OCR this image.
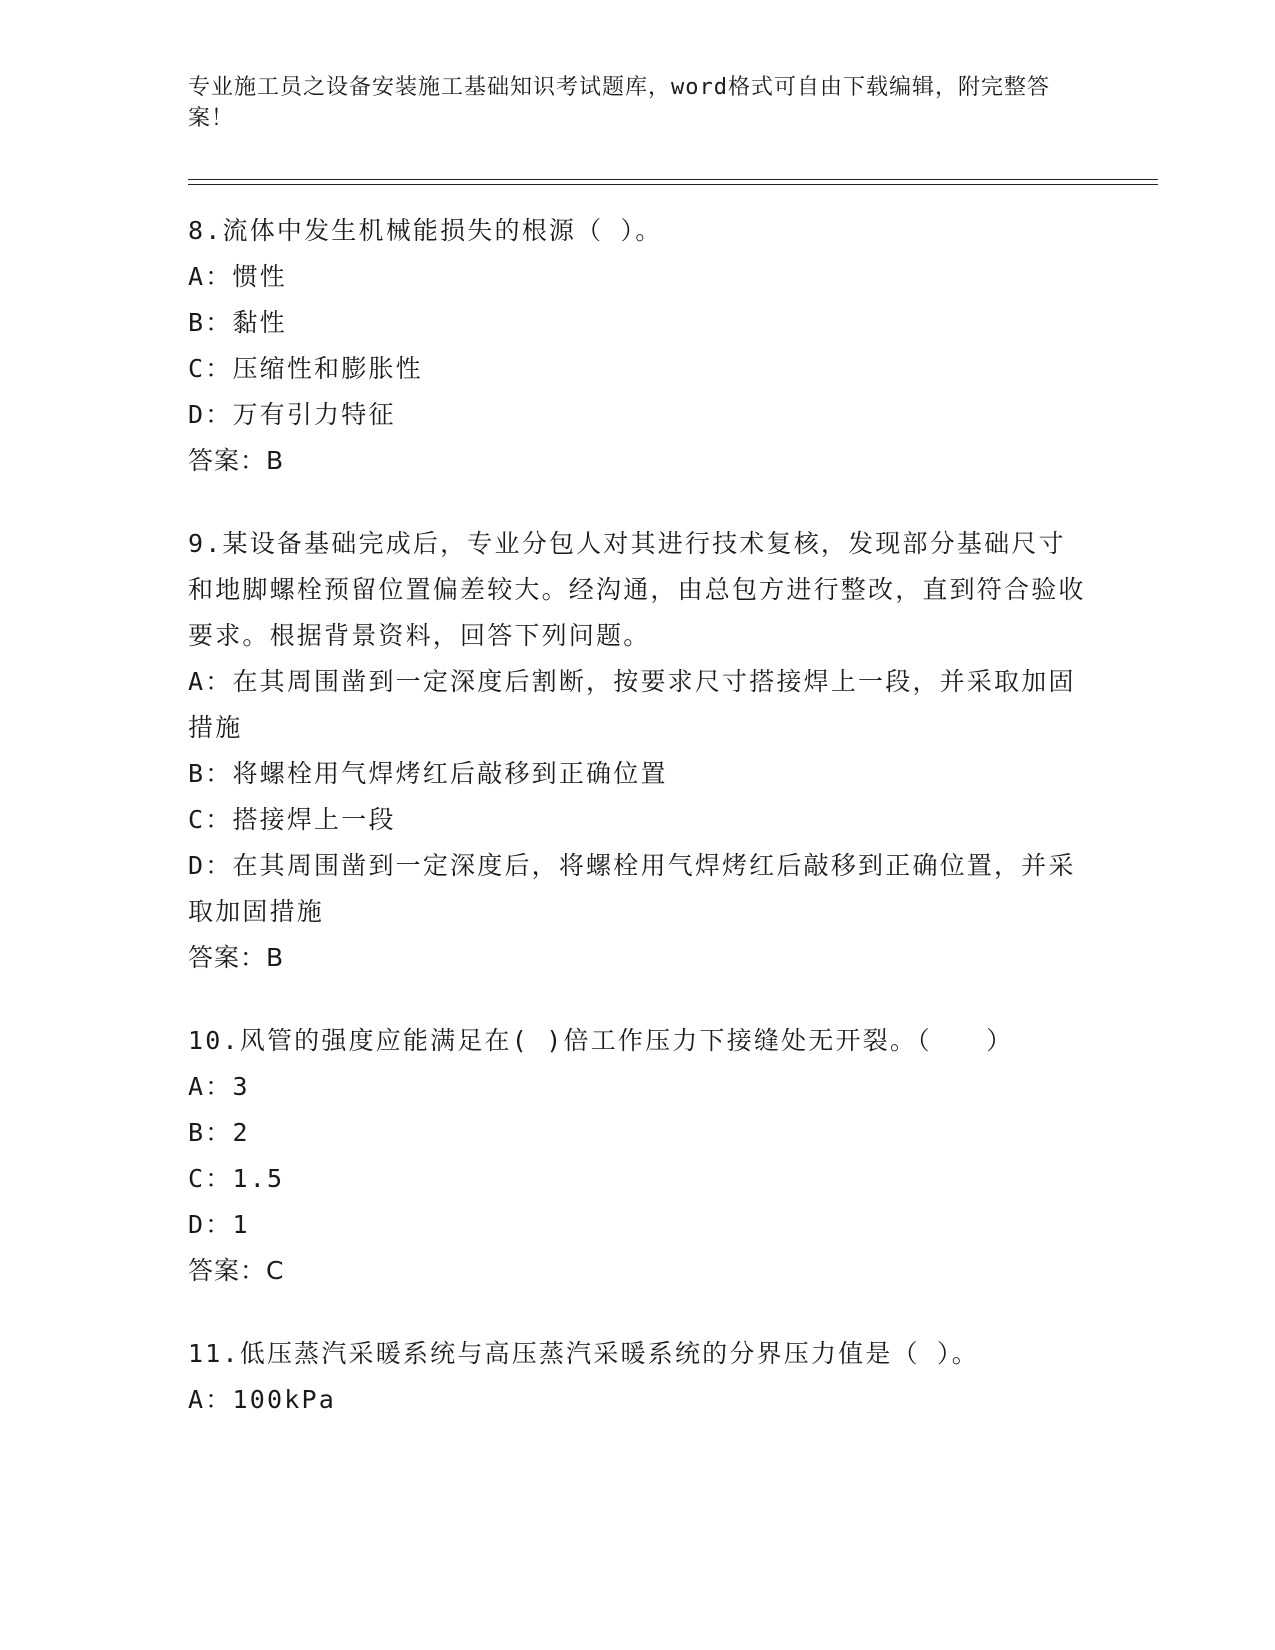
专业施工员之设备安装施工基础知识考试题库，word格式可自由下载编辑，附完整答案！

8.流体中发生机械能损失的根源（ ）。

A：惯性

B：黏性

C：压缩性和膨胀性

D：万有引力特征

答案：B

9.某设备基础完成后，专业分包人对其进行技术复核，发现部分基础尺寸和地脚螺栓预留位置偏差较大。经沟通，由总包方进行整改，直到符合验收要求。根据背景资料，回答下列问题。

A：在其周围凿到一定深度后割断，按要求尺寸搭接焊上一段，并采取加固措施

B：将螺栓用气焊烤红后敲移到正确位置

C：搭接焊上一段

D：在其周围凿到一定深度后，将螺栓用气焊烤红后敲移到正确位置，并采取加固措施

答案：B

10.风管的强度应能满足在( )倍工作压力下接缝处无开裂。（　　）

A：3

B：2

C：1.5

D：1

答案：C

11.低压蒸汽采暖系统与高压蒸汽采暖系统的分界压力值是（ ）。

A：100kPa
